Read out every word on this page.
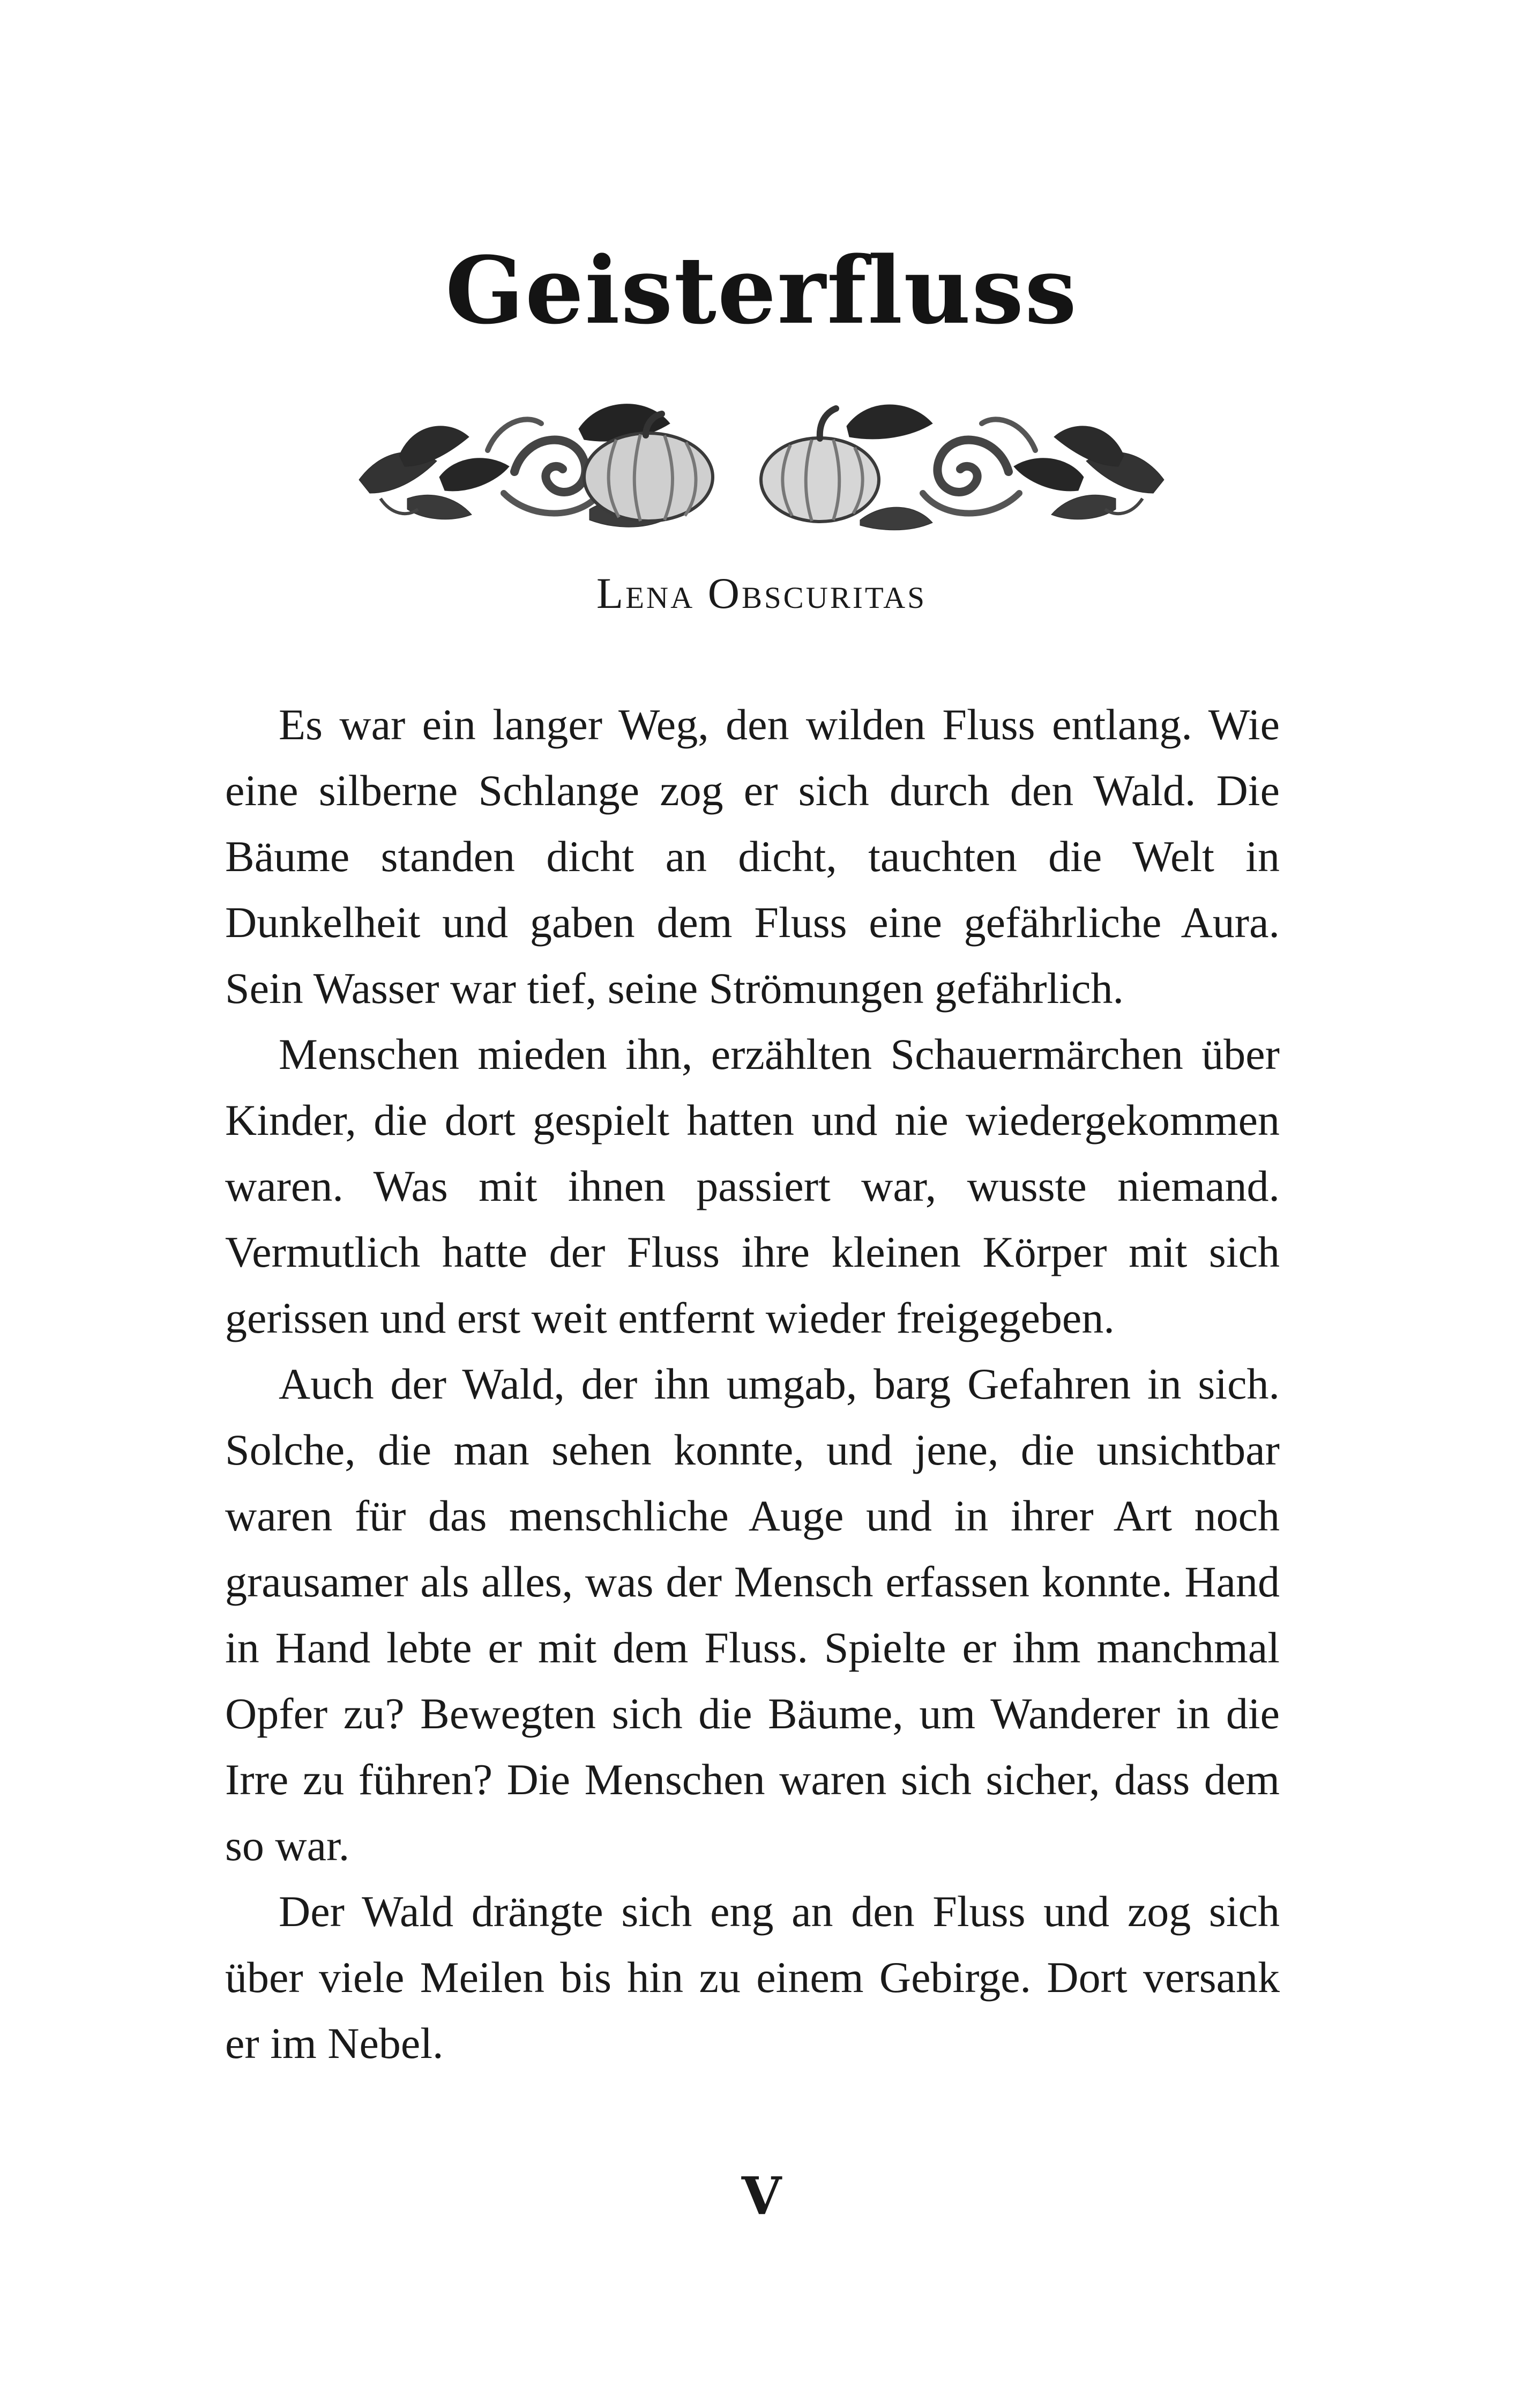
Geisterfluss
Lena Obscuritas

Es war ein langer Weg, den wilden Fluss entlang. Wie eine silberne Schlange zog er sich durch den Wald. Die Bäume standen dicht an dicht, tauchten die Welt in Dunkelheit und gaben dem Fluss eine gefährliche Aura. Sein Wasser war tief, seine Strömungen gefährlich.

Menschen mieden ihn, erzählten Schauermärchen über Kinder, die dort gespielt hatten und nie wiedergekommen waren. Was mit ihnen passiert war, wusste niemand. Vermutlich hatte der Fluss ihre kleinen Körper mit sich gerissen und erst weit entfernt wieder freigegeben.

Auch der Wald, der ihn umgab, barg Gefahren in sich. Solche, die man sehen konnte, und jene, die unsichtbar waren für das menschliche Auge und in ihrer Art noch grausamer als alles, was der Mensch erfassen konnte. Hand in Hand lebte er mit dem Fluss. Spielte er ihm manchmal Opfer zu? Bewegten sich die Bäume, um Wanderer in die Irre zu führen? Die Menschen waren sich sicher, dass dem so war.

Der Wald drängte sich eng an den Fluss und zog sich über viele Meilen bis hin zu einem Gebirge. Dort versank er im Nebel.

V
